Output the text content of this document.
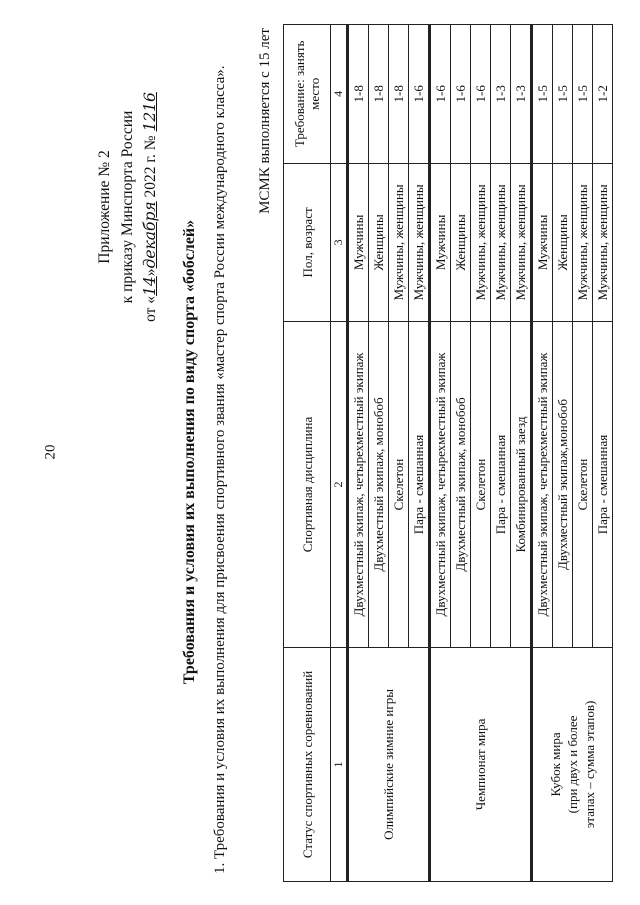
20
Приложение № 2 к приказу Минспорта России
от «14»декабря 2022 г. № 1216
Требования и условия их выполнения по виду спорта «бобслей» 1. Требования и условия их выполнения для присвоения спортивного звания «мастер спорта России международного класса». МСМК выполняется с 15 лет
Статус спортивных соревнований	Спортивная дисциплина	Пол, возраст	Требование: занять место
1	2	3	4
Олимпийские зимние игры	Двухместный экипаж, четырехместный экипаж	Мужчины	1-8
	Двухместный экипаж, монобоб	Женщины	1-8
	Скелетон	Мужчины, женщины	1-8
	Пара - смешанная	Мужчины, женщины	1-6
Чемпионат мира	Двухместный экипаж, четырехместный экипаж	Мужчины	1-6
	Двухместный экипаж, монобоб	Женщины	1-6
	Скелетон	Мужчины, женщины	1-6
	Пара - смешанная	Мужчины, женщины	1-3
	Комбинированный заезд	Мужчины, женщины	1-3

Кубок мира (при двух и более этапах – сумма этапов)	Двухместный экипаж, четырехместный экипаж	Мужчины	1-5
	Двухместный экипаж,монобоб	Женщины	1-5
	Скелетон	Мужчины, женщины	1-5
	Пара - смешанная	Мужчины, женщины	1-2
